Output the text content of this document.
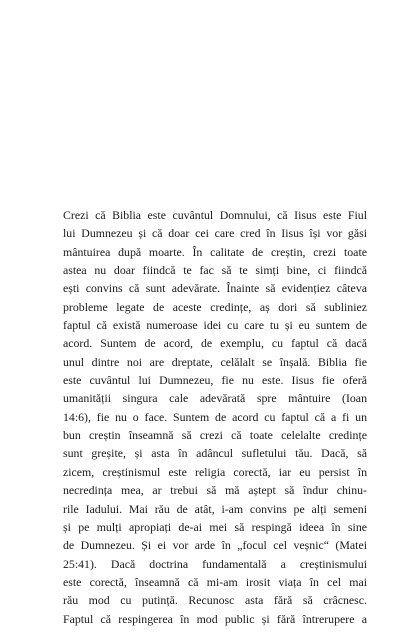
Crezi că Biblia este cuvântul Domnului, că Iisus este Fiul
lui Dumnezeu și că doar cei care cred în Iisus își vor găsi
mântuirea după moarte. În calitate de creștin, crezi toate
astea nu doar fiindcă te fac să te simți bine, ci fiindcă
ești convins că sunt adevărate. Înainte să evidențiez câteva
probleme legate de aceste credințe, aș dori să subliniez
faptul că există numeroase idei cu care tu și eu suntem de
acord. Suntem de acord, de exemplu, cu faptul că dacă
unul dintre noi are dreptate, celălalt se înșală. Biblia fie
este cuvântul lui Dumnezeu, fie nu este. Iisus fie oferă
umanității singura cale adevărată spre mântuire (Ioan
14:6), fie nu o face. Suntem de acord cu faptul că a fi un
bun creștin înseamnă să crezi că toate celelalte credințe
sunt greșite, și asta în adâncul sufletului tău. Dacă, să
zicem, creștinismul este religia corectă, iar eu persist în
necredința mea, ar trebui să mă aștept să îndur chinu-
rile Iadului. Mai rău de atât, i-am convins pe alți semeni
și pe mulți apropiați de-ai mei să respingă ideea în sine
de Dumnezeu. Și ei vor arde în „focul cel veșnic“ (Matei
25:41). Dacă doctrina fundamentală a creștinismului
este corectă, înseamnă că mi-am irosit viața în cel mai
rău mod cu putință. Recunosc asta fără să crâcnesc.
Faptul că respingerea în mod public și fără întrerupere a
